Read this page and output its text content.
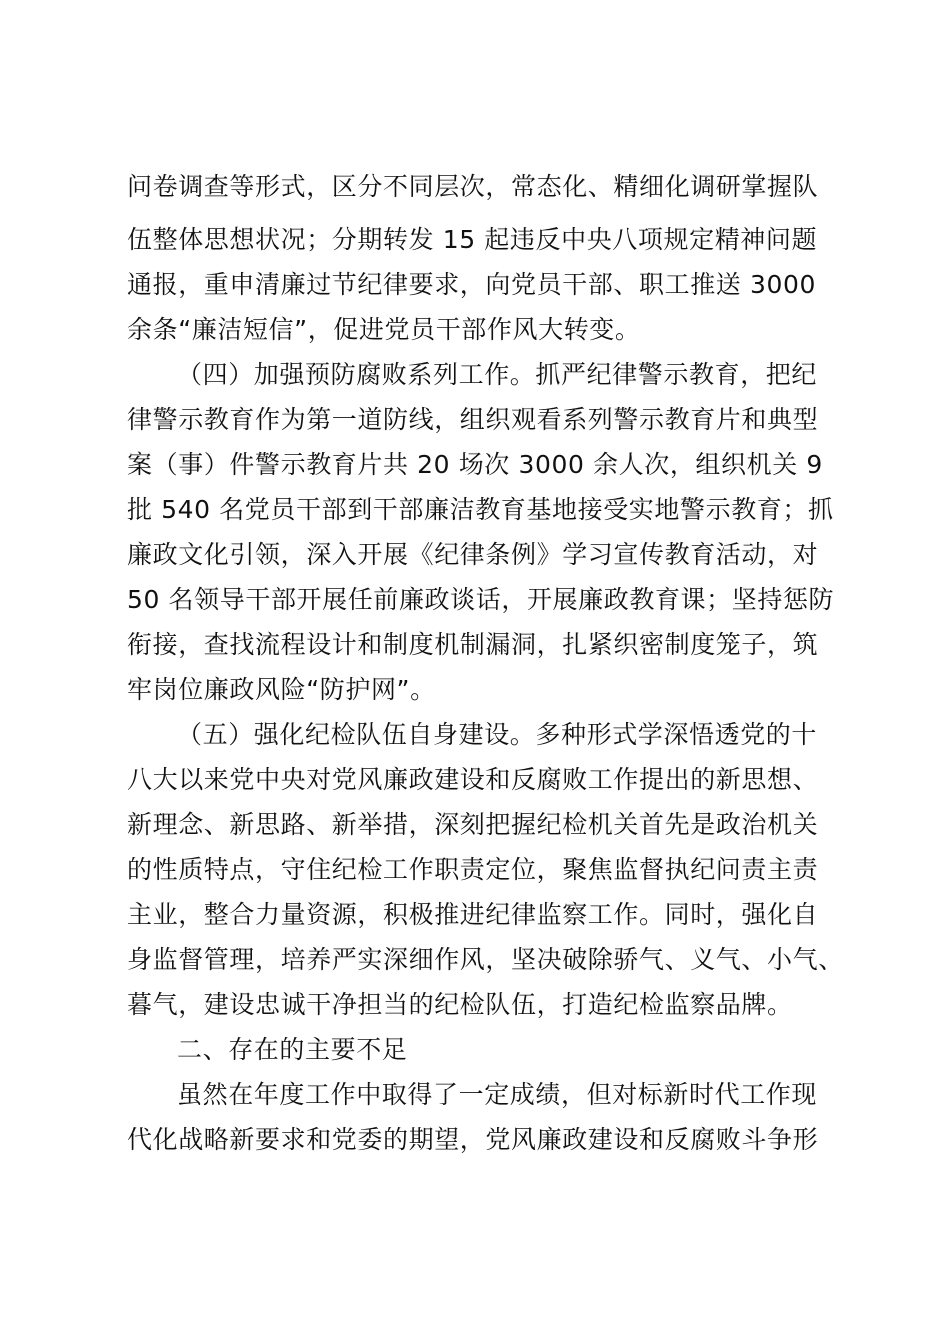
问卷调查等形式，区分不同层次，常态化、精细化调研掌握队
伍整体思想状况；分期转发 15 起违反中央八项规定精神问题
通报，重申清廉过节纪律要求，向党员干部、职工推送 3000
余条“廉洁短信”，促进党员干部作风大转变。
（四）加强预防腐败系列工作。抓严纪律警示教育，把纪
律警示教育作为第一道防线，组织观看系列警示教育片和典型
案（事）件警示教育片共 20 场次 3000 余人次，组织机关 9
批 540 名党员干部到干部廉洁教育基地接受实地警示教育；抓
廉政文化引领，深入开展《纪律条例》学习宣传教育活动，对
50 名领导干部开展任前廉政谈话，开展廉政教育课；坚持惩防
衔接，查找流程设计和制度机制漏洞，扎紧织密制度笼子，筑
牢岗位廉政风险“防护网”。
（五）强化纪检队伍自身建设。多种形式学深悟透党的十
八大以来党中央对党风廉政建设和反腐败工作提出的新思想、
新理念、新思路、新举措，深刻把握纪检机关首先是政治机关
的性质特点，守住纪检工作职责定位，聚焦监督执纪问责主责
主业，整合力量资源，积极推进纪律监察工作。同时，强化自
身监督管理，培养严实深细作风，坚决破除骄气、义气、小气、
暮气，建设忠诚干净担当的纪检队伍，打造纪检监察品牌。
二、存在的主要不足
虽然在年度工作中取得了一定成绩，但对标新时代工作现
代化战略新要求和党委的期望，党风廉政建设和反腐败斗争形
